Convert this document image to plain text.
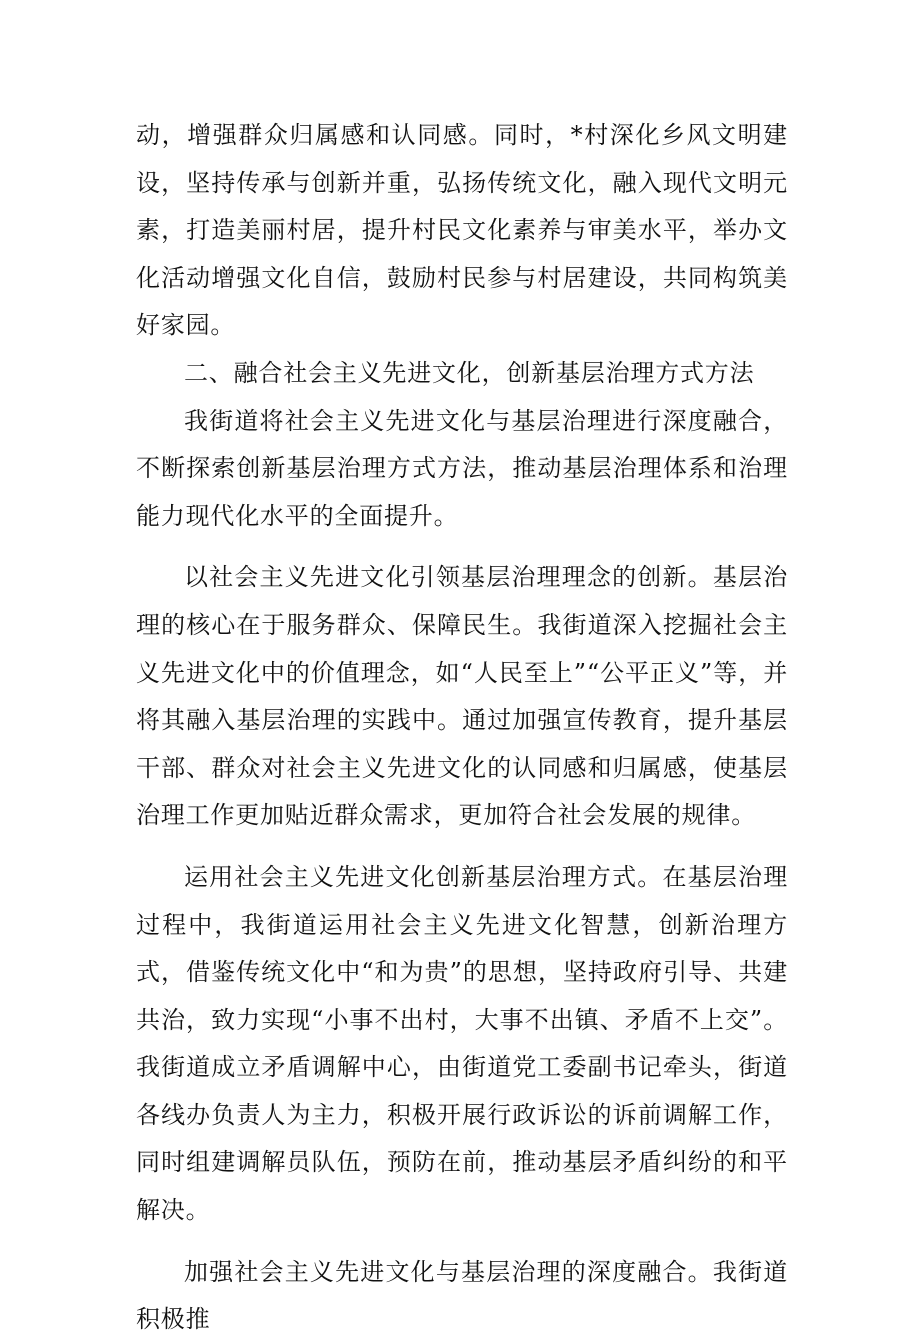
动，增强群众归属感和认同感。同时，*村深化乡风文明建设，坚持传承与创新并重，弘扬传统文化，融入现代文明元素，打造美丽村居，提升村民文化素养与审美水平，举办文化活动增强文化自信，鼓励村民参与村居建设，共同构筑美好家园。

二、融合社会主义先进文化，创新基层治理方式方法

我街道将社会主义先进文化与基层治理进行深度融合，不断探索创新基层治理方式方法，推动基层治理体系和治理能力现代化水平的全面提升。

以社会主义先进文化引领基层治理理念的创新。基层治理的核心在于服务群众、保障民生。我街道深入挖掘社会主义先进文化中的价值理念，如“人民至上”“公平正义”等，并将其融入基层治理的实践中。通过加强宣传教育，提升基层干部、群众对社会主义先进文化的认同感和归属感，使基层治理工作更加贴近群众需求，更加符合社会发展的规律。

运用社会主义先进文化创新基层治理方式。在基层治理过程中，我街道运用社会主义先进文化智慧，创新治理方式，借鉴传统文化中“和为贵”的思想，坚持政府引导、共建共治，致力实现“小事不出村，大事不出镇、矛盾不上交”。我街道成立矛盾调解中心，由街道党工委副书记牵头，街道各线办负责人为主力，积极开展行政诉讼的诉前调解工作，同时组建调解员队伍，预防在前，推动基层矛盾纠纷的和平解决。

加强社会主义先进文化与基层治理的深度融合。我街道积极推
